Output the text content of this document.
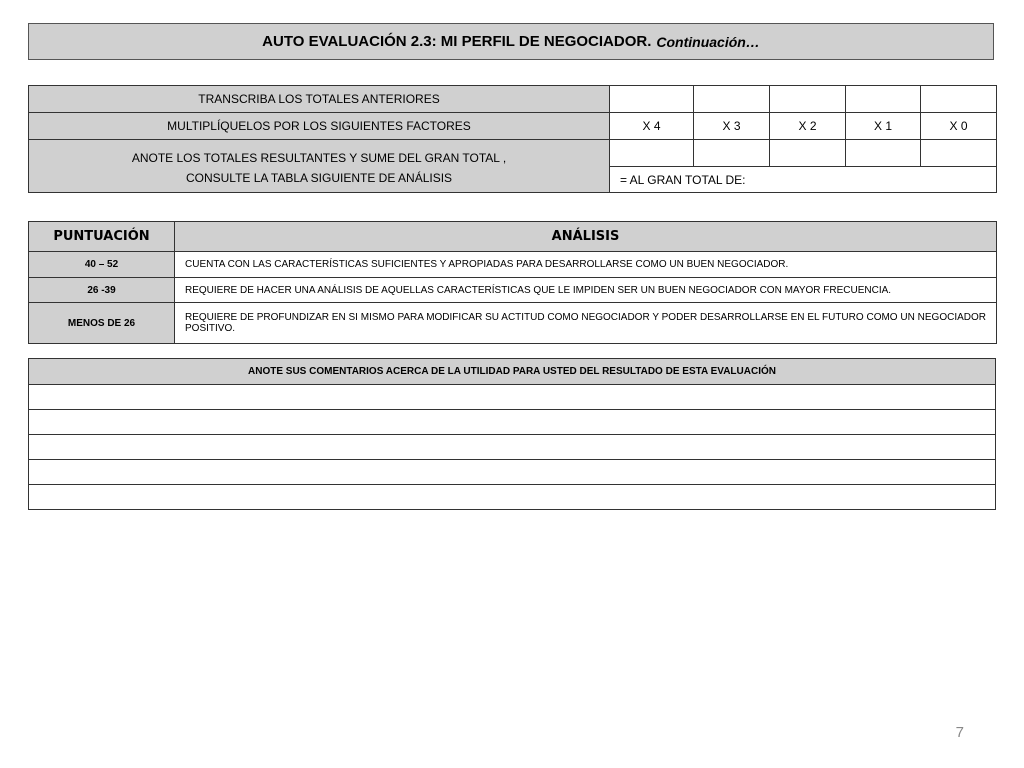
AUTO EVALUACIÓN 2.3: MI PERFIL DE NEGOCIADOR. Continuación…
TRANSCRIBA LOS TOTALES ANTERIORES					
MULTIPLÍQUELOS POR LOS SIGUIENTES FACTORES	X 4	X 3	X 2	X 1	X 0

ANOTE LOS TOTALES RESULTANTES Y SUME DEL GRAN TOTAL ,
CONSULTE LA TABLA SIGUIENTE DE ANÁLISIS					

	= AL GRAN TOTAL DE:				
PUNTUACIÓN	ANÁLISIS
40 – 52	CUENTA CON LAS CARACTERÍSTICAS SUFICIENTES Y APROPIADAS PARA DESARROLLARSE COMO UN BUEN NEGOCIADOR.
26 -39	REQUIERE DE HACER UNA ANÁLISIS DE AQUELLAS CARACTERÍSTICAS QUE LE IMPIDEN SER UN BUEN NEGOCIADOR CON MAYOR FRECUENCIA.
MENOS DE 26	REQUIERE DE PROFUNDIZAR EN SI MISMO PARA MODIFICAR SU ACTITUD COMO NEGOCIADOR Y PODER DESARROLLARSE EN EL FUTURO COMO UN NEGOCIADOR POSITIVO.
ANOTE SUS COMENTARIOS ACERCA DE LA UTILIDAD PARA USTED DEL RESULTADO DE ESTA EVALUACIÓN

7
